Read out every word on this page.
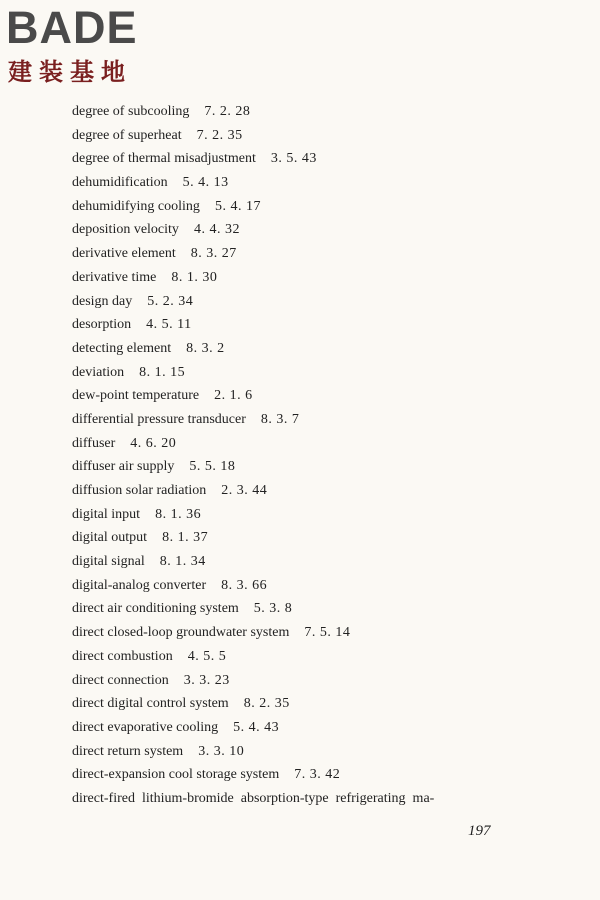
BADE
建装基地
degree of subcooling 7. 2. 28
degree of superheat 7. 2. 35
degree of thermal misadjustment 3. 5. 43
dehumidification 5. 4. 13
dehumidifying cooling 5. 4. 17
deposition velocity 4. 4. 32
derivative element 8. 3. 27
derivative time 8. 1. 30
design day 5. 2. 34
desorption 4. 5. 11
detecting element 8. 3. 2
deviation 8. 1. 15
dew-point temperature 2. 1. 6
differential pressure transducer 8. 3. 7
diffuser 4. 6. 20
diffuser air supply 5. 5. 18
diffusion solar radiation 2. 3. 44
digital input 8. 1. 36
digital output 8. 1. 37
digital signal 8. 1. 34
digital-analog converter 8. 3. 66
direct air conditioning system 5. 3. 8
direct closed-loop groundwater system 7. 5. 14
direct combustion 4. 5. 5
direct connection 3. 3. 23
direct digital control system 8. 2. 35
direct evaporative cooling 5. 4. 43
direct return system 3. 3. 10
direct-expansion cool storage system 7. 3. 42
direct-fired  lithium-bromide  absorption-type  refrigerating  ma-
197
